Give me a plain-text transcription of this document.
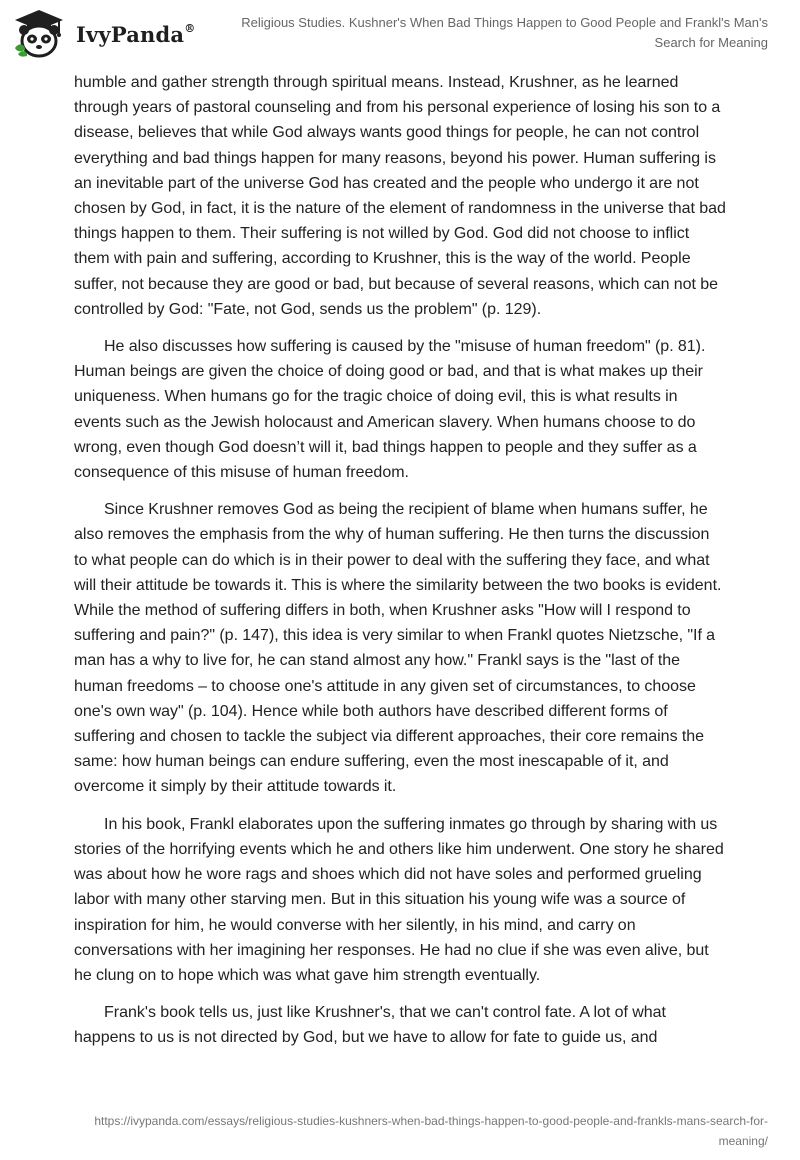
IvyPanda®	Religious Studies. Kushner's When Bad Things Happen to Good People and Frankl's Man's Search for Meaning

humble and gather strength through spiritual means. Instead, Krushner, as he learned through years of pastoral counseling and from his personal experience of losing his son to a disease, believes that while God always wants good things for people, he can not control everything and bad things happen for many reasons, beyond his power. Human suffering is an inevitable part of the universe God has created and the people who undergo it are not chosen by God, in fact, it is the nature of the element of randomness in the universe that bad things happen to them. Their suffering is not willed by God. God did not choose to inflict them with pain and suffering, according to Krushner, this is the way of the world. People suffer, not because they are good or bad, but because of several reasons, which can not be controlled by God: "Fate, not God, sends us the problem" (p. 129).

He also discusses how suffering is caused by the "misuse of human freedom" (p. 81). Human beings are given the choice of doing good or bad, and that is what makes up their uniqueness. When humans go for the tragic choice of doing evil, this is what results in events such as the Jewish holocaust and American slavery. When humans choose to do wrong, even though God doesn’t will it, bad things happen to people and they suffer as a consequence of this misuse of human freedom.

Since Krushner removes God as being the recipient of blame when humans suffer, he also removes the emphasis from the why of human suffering. He then turns the discussion to what people can do which is in their power to deal with the suffering they face, and what will their attitude be towards it. This is where the similarity between the two books is evident. While the method of suffering differs in both, when Krushner asks "How will I respond to suffering and pain?" (p. 147), this idea is very similar to when Frankl quotes Nietzsche, "If a man has a why to live for, he can stand almost any how." Frankl says is the "last of the human freedoms – to choose one's attitude in any given set of circumstances, to choose one's own way" (p. 104). Hence while both authors have described different forms of suffering and chosen to tackle the subject via different approaches, their core remains the same: how human beings can endure suffering, even the most inescapable of it, and overcome it simply by their attitude towards it.

In his book, Frankl elaborates upon the suffering inmates go through by sharing with us stories of the horrifying events which he and others like him underwent. One story he shared was about how he wore rags and shoes which did not have soles and performed grueling labor with many other starving men. But in this situation his young wife was a source of inspiration for him, he would converse with her silently, in his mind, and carry on conversations with her imagining her responses. He had no clue if she was even alive, but he clung on to hope which was what gave him strength eventually.

Frank's book tells us, just like Krushner's, that we can't control fate. A lot of what happens to us is not directed by God, but we have to allow for fate to guide us, and

https://ivypanda.com/essays/religious-studies-kushners-when-bad-things-happen-to-good-people-and-frankls-mans-search-for-meaning/
